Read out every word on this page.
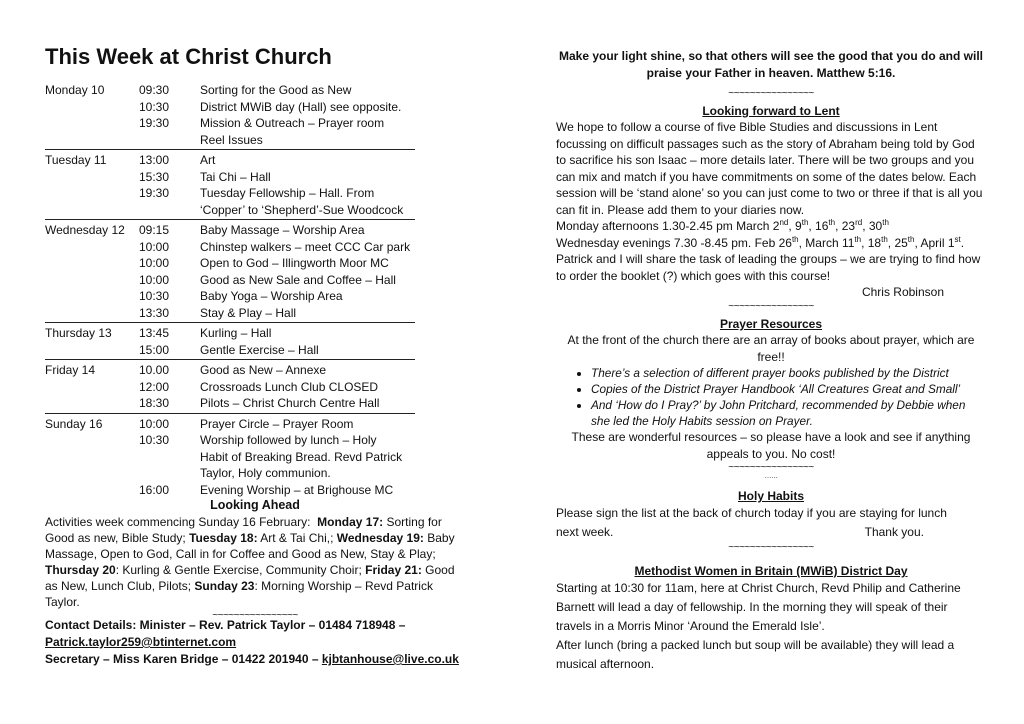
This Week at Christ Church
Monday 10	09:30	Sorting for the Good as New
10:30	District MWiB day (Hall) see opposite.
19:30	Mission & Outreach – Prayer room
Reel Issues
Tuesday 11	13:00	Art
15:30	Tai Chi – Hall
19:30	Tuesday Fellowship – Hall. From
‘Copper’ to ‘Shepherd’-Sue Woodcock
Wednesday 12	09:15	Baby Massage – Worship Area
10:00	Chinstep walkers – meet CCC Car park
10:00	Open to God – Illingworth Moor MC
10:00	Good as New Sale and Coffee – Hall
10:30	Baby Yoga – Worship Area
13:30	Stay & Play – Hall
Thursday 13	13:45	Kurling – Hall
15:00	Gentle Exercise – Hall
Friday 14	10.00	Good as New – Annexe
12:00	Crossroads Lunch Club CLOSED
18:30	Pilots – Christ Church Centre Hall
Sunday 16	10:00	Prayer Circle – Prayer Room
10:30	Worship followed by lunch – Holy
Habit of Breaking Bread. Revd Patrick
Taylor, Holy communion.
16:00	Evening Worship – at Brighouse MC
Looking Ahead

Activities week commencing Sunday 16 February: Monday 17: Sorting for Good as new, Bible Study; Tuesday 18: Art & Tai Chi,; Wednesday 19: Baby Massage, Open to God, Call in for Coffee and Good as New, Stay & Play; Thursday 20: Kurling & Gentle Exercise, Community Choir; Friday 21: Good as New, Lunch Club, Pilots; Sunday 23: Morning Worship – Revd Patrick Taylor.

~~~~~~~~~~~~~~~~
Contact Details: Minister – Rev. Patrick Taylor – 01484 718948 –
Patrick.taylor259@btinternet.com
Secretary – Miss Karen Bridge – 01422 201940 – kjbtanhouse@live.co.uk
Make your light shine, so that others will see the good that you do and will praise your Father in heaven. Matthew 5:16.
~~~~~~~~~~~~~~~~

Looking forward to Lent

We hope to follow a course of five Bible Studies and discussions in Lent focussing on difficult passages such as the story of Abraham being told by God to sacrifice his son Isaac – more details later. There will be two groups and you can mix and match if you have commitments on some of the dates below. Each session will be ‘stand alone’ so you can just come to two or three if that is all you can fit in. Please add them to your diaries now.

Monday afternoons 1.30-2.45 pm March 2nd, 9th, 16th, 23rd, 30th

Wednesday evenings 7.30 -8.45 pm. Feb 26th, March 11th, 18th, 25th, April 1st.

Patrick and I will share the task of leading the groups – we are trying to find how to order the booklet (?) which goes with this course!

Chris Robinson

~~~~~~~~~~~~~~~~

Prayer Resources

At the front of the church there are an array of books about prayer, which are free!!

• There’s a selection of different prayer books published by the District
• Copies of the District Prayer Handbook ‘All Creatures Great and Small’
• And ‘How do I Pray?’ by John Pritchard, recommended by Debbie when she led the Holy Habits session on Prayer.

These are wonderful resources – so please have a look and see if anything appeals to you. No cost!

~~~~~~~~~~~~~~~~
……

Holy Habits

Please sign the list at the back of church today if you are staying for lunch

next week.	Thank you.

~~~~~~~~~~~~~~~~

Methodist Women in Britain (MWiB) District Day

Starting at 10:30 for 11am, here at Christ Church, Revd Philip and Catherine Barnett will lead a day of fellowship. In the morning they will speak of their travels in a Morris Minor ‘Around the Emerald Isle’.

After lunch (bring a packed lunch but soup will be available) they will lead a musical afternoon.
